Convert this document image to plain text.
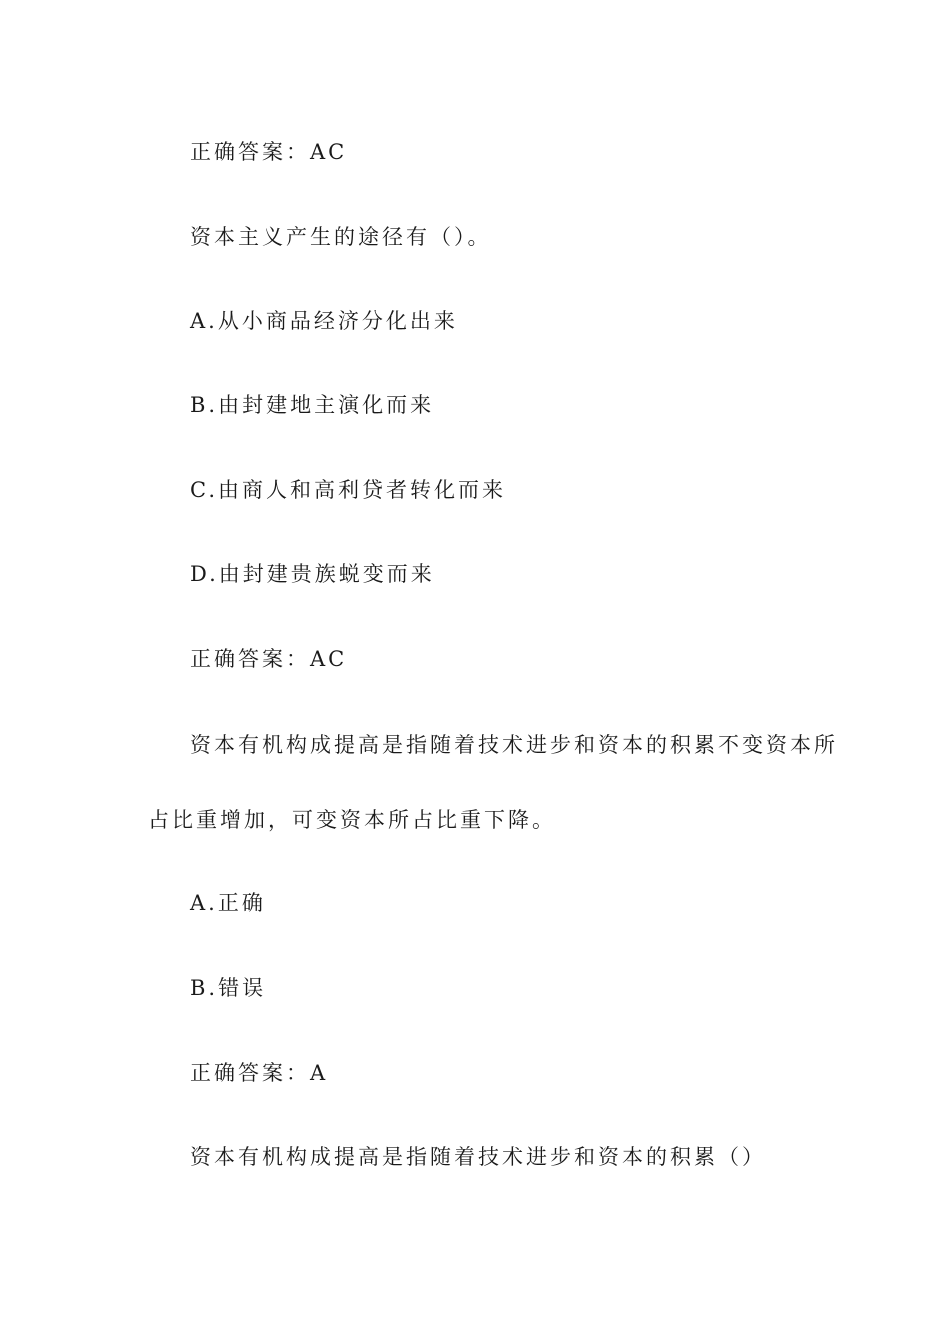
正确答案：AC
资本主义产生的途径有（）。
A.从小商品经济分化出来
B.由封建地主演化而来
C.由商人和高利贷者转化而来
D.由封建贵族蜕变而来
正确答案：AC
资本有机构成提高是指随着技术进步和资本的积累不变资本所
占比重增加，可变资本所占比重下降。
A.正确
B.错误
正确答案：A
资本有机构成提高是指随着技术进步和资本的积累（）
